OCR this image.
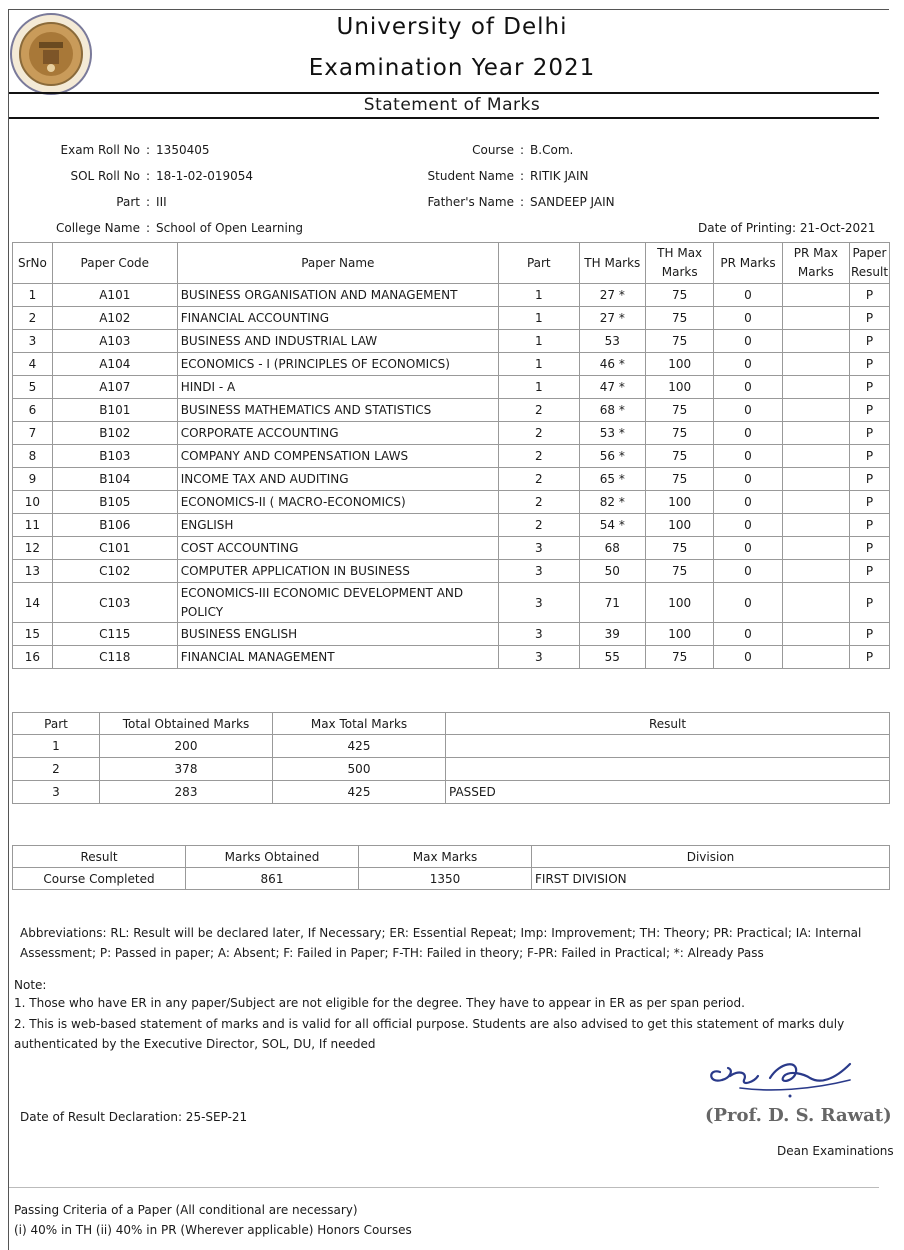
University of Delhi
Examination Year 2021
Statement of Marks
Exam Roll No : 1350405
SOL Roll No : 18-1-02-019054
Part : III
College Name : School of Open Learning
Course : B.Com.
Student Name : RITIK JAIN
Father's Name : SANDEEP JAIN
Date of Printing: 21-Oct-2021
SrNo	Paper Code	Paper Name	Part	TH Marks	TH Max Marks	PR Marks	PR Max Marks	Paper Result
1	A101	BUSINESS ORGANISATION AND MANAGEMENT	1	27 *	75	0		P
2	A102	FINANCIAL ACCOUNTING	1	27 *	75	0		P
3	A103	BUSINESS AND INDUSTRIAL LAW	1	53	75	0		P
4	A104	ECONOMICS - I (PRINCIPLES OF ECONOMICS)	1	46 *	100	0		P
5	A107	HINDI - A	1	47 *	100	0		P
6	B101	BUSINESS MATHEMATICS AND STATISTICS	2	68 *	75	0		P
7	B102	CORPORATE ACCOUNTING	2	53 *	75	0		P
8	B103	COMPANY AND COMPENSATION LAWS	2	56 *	75	0		P
9	B104	INCOME TAX AND AUDITING	2	65 *	75	0		P
10	B105	ECONOMICS-II ( MACRO-ECONOMICS)	2	82 *	100	0		P
11	B106	ENGLISH	2	54 *	100	0		P
12	C101	COST ACCOUNTING	3	68	75	0		P
13	C102	COMPUTER APPLICATION IN BUSINESS	3	50	75	0		P
14	C103	ECONOMICS-III ECONOMIC DEVELOPMENT AND POLICY	3	71	100	0		P
15	C115	BUSINESS ENGLISH	3	39	100	0		P
16	C118	FINANCIAL MANAGEMENT	3	55	75	0		P
Part	Total Obtained Marks	Max Total Marks	Result
1	200	425	
2	378	500	
3	283	425	PASSED
Result	Marks Obtained	Max Marks	Division
Course Completed	861	1350	FIRST DIVISION
Abbreviations: RL: Result will be declared later, If Necessary; ER: Essential Repeat; Imp: Improvement; TH: Theory; PR: Practical; IA: Internal
Assessment; P: Passed in paper; A: Absent; F: Failed in Paper; F-TH: Failed in theory; F-PR: Failed in Practical; *: Already Pass
Note:
1. Those who have ER in any paper/Subject are not eligible for the degree. They have to appear in ER as per span period.
2. This is web-based statement of marks and is valid for all official purpose. Students are also advised to get this statement of marks duly
authenticated by the Executive Director, SOL, DU, If needed
(Prof. D. S. Rawat)
Dean Examinations
Date of Result Declaration: 25-SEP-21
Passing Criteria of a Paper (All conditional are necessary)
(i) 40% in TH (ii) 40% in PR (Wherever applicable) Honors Courses
